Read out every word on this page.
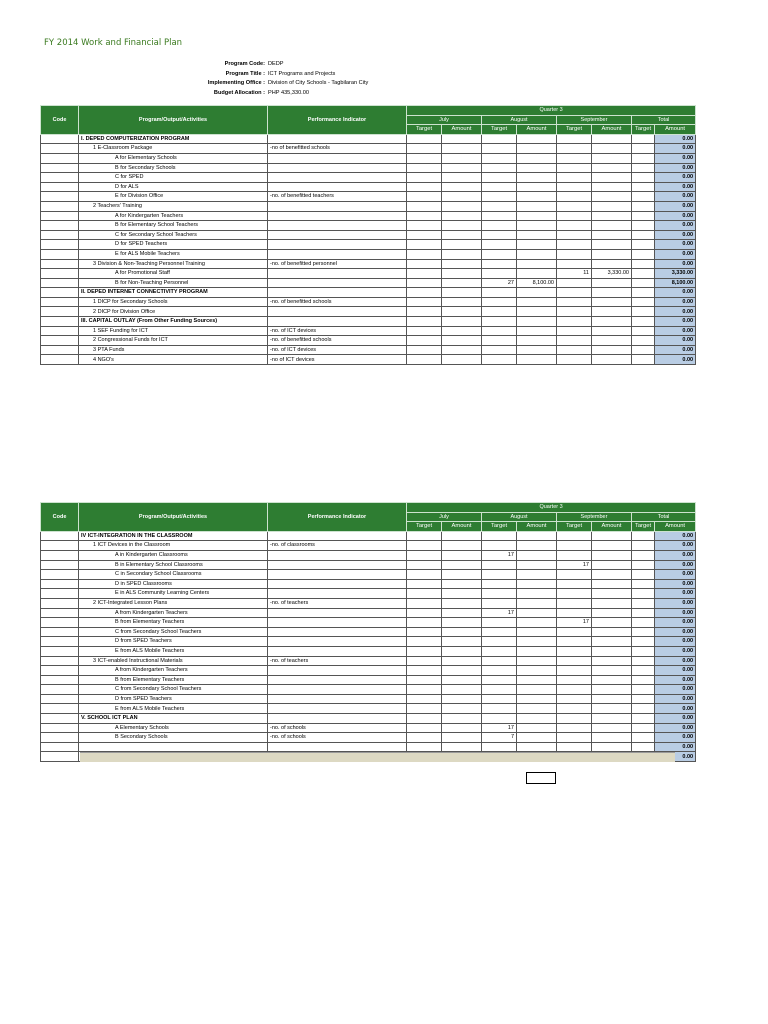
FY 2014 Work and Financial Plan
Program Code: DEDP
Program Title : ICT Programs and Projects
Implementing Office : Division of City Schools - Tagbilaran City
Budget Allocation : PHP 435,330.00
Code	Program/Output/Activities	Performance Indicator	Quarter 3							
			July		August		September		Total	
			Target	Amount	Target	Amount	Target	Amount	Target	Amount
	I. DEPED COMPUTERIZATION PROGRAM									0.00
	1 E-Classroom Package	-no of benefitted schools								0.00
	A for Elementary Schools									0.00
	B for Secondary Schools									0.00
	C for SPED									0.00
	D for ALS									0.00
	E for Division Office	-no. of benefitted teachers								0.00
	2 Teachers' Training									0.00
	A for Kindergarten Teachers									0.00
	B for Elementary School Teachers									0.00
	C for Secondary School Teachers									0.00
	D for SPED Teachers									0.00
	E for ALS Mobile Teachers									0.00
	3 Division & Non-Teaching Personnel Training	-no. of benefitted personnel								0.00
	A for Promotional Staff						11	3,330.00		3,330.00
	B for Non-Teaching Personnel				27	8,100.00				8,100.00
	II. DEPED INTERNET CONNECTIVITY PROGRAM									0.00
	1 DICP for Secondary Schools	-no. of benefitted schools								0.00
	2 DICP for Division Office									0.00
	III. CAPITAL OUTLAY (From Other Funding Sources)									0.00
	1 SEF Funding for ICT	-no. of ICT devices								0.00
	2 Congressional Funds for ICT	-no. of benefitted schools								0.00
	3 PTA Funds	-no. of ICT devices								0.00
	4 NGO's	-no of ICT devices								0.00
Code	Program/Output/Activities	Performance Indicator	Quarter 3							
			July		August		September		Total	
			Target	Amount	Target	Amount	Target	Amount	Target	Amount
	IV ICT-INTEGRATION IN THE CLASSROOM									0.00
	1 ICT Devices in the Classroom	-no. of classrooms								0.00
	A in Kindergarten Classrooms				17					0.00
	B in Elementary School Classrooms						17			0.00
	C in Secondary School Classrooms									0.00
	D in SPED Classrooms									0.00
	E in ALS Community Learning Centers									0.00
	2 ICT-Integrated Lesson Plans	-no. of teachers								0.00
	A from Kindergarten Teachers				17					0.00
	B from Elementary Teachers						17			0.00
	C from Secondary School Teachers									0.00
	D from SPED Teachers									0.00
	E from ALS Mobile Teachers									0.00
	3 ICT-enabled Instructional Materials	-no. of teachers								0.00
	A from Kindergarten Teachers									0.00
	B from Elementary Teachers									0.00
	C from Secondary School Teachers									0.00
	D from SPED Teachers									0.00
	E from ALS Mobile Teachers									0.00
	V. SCHOOL ICT PLAN									0.00
	A Elementary Schools	-no. of schools			17					0.00
	B Secondary Schools	-no. of schools			7					0.00
										0.00
										0.00
